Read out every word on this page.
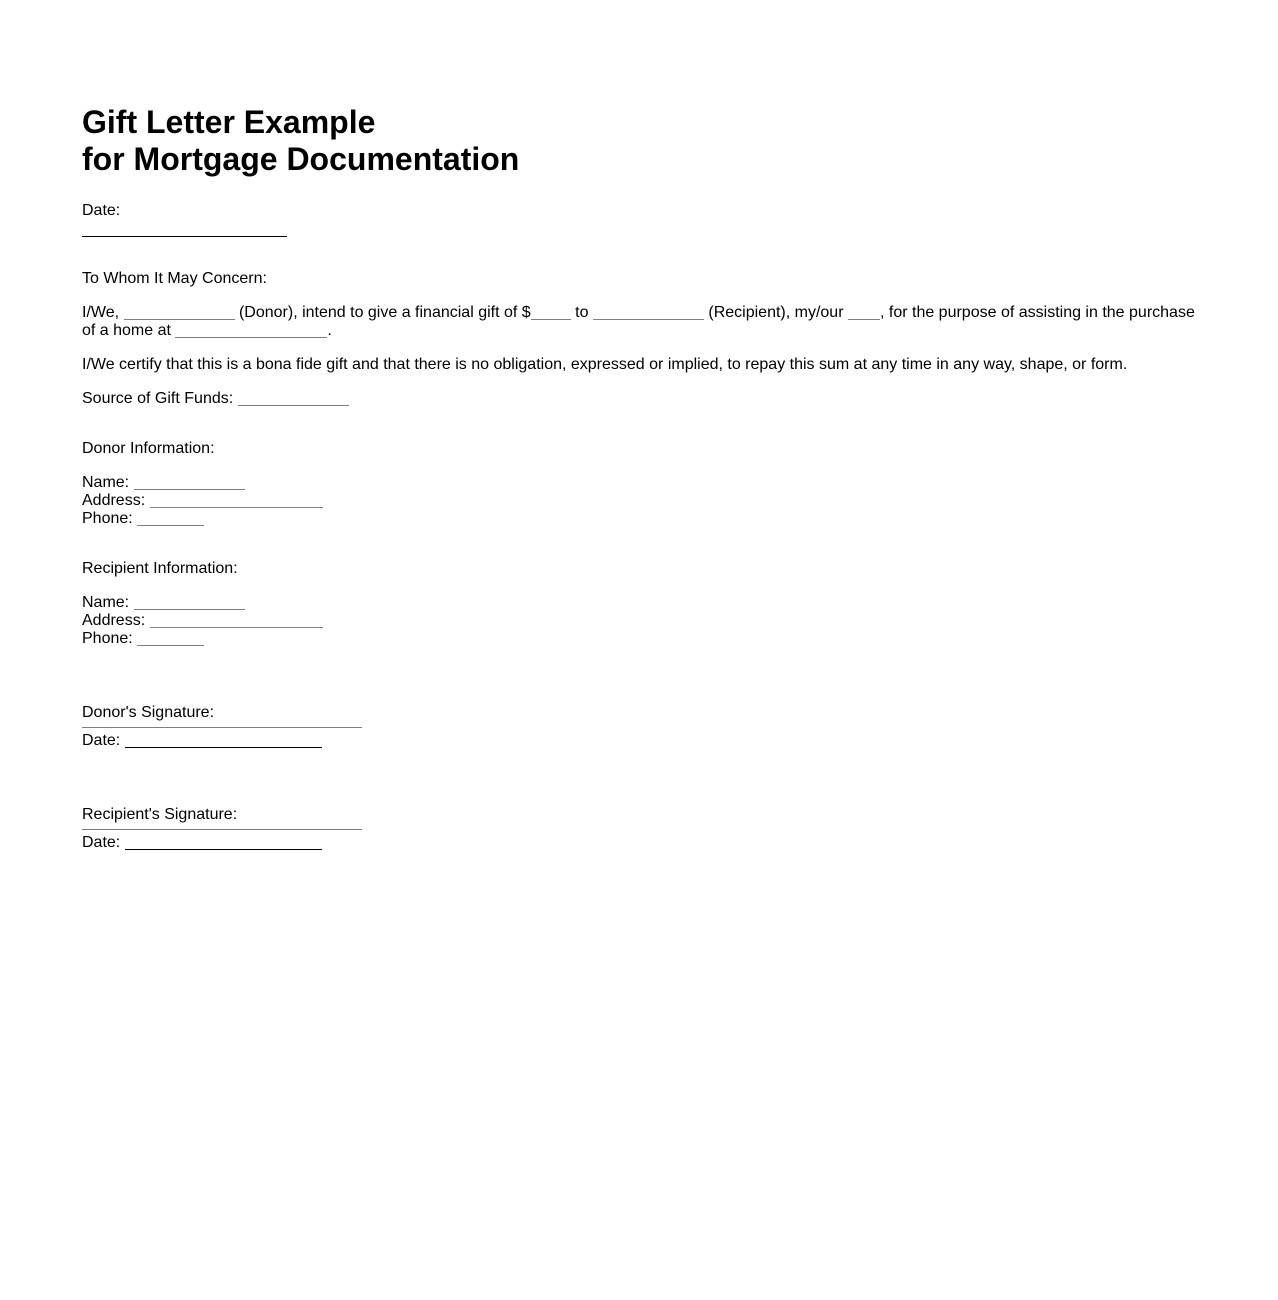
Gift Letter Example
for Mortgage Documentation

Date:

To Whom It May Concern:

I/We,	(Donor), intend to give a financial gift of $	to	(Recipient), my/our , for the purpose of assisting in the purchase of a home at	.

I/We certify that this is a bona fide gift and that there is no obligation, expressed or implied, to repay this sum at any time in any way, shape, or form.

Source of Gift Funds:

Donor Information:

Name:
Address:
Phone:

Recipient Information:

Name:
Address:
Phone:

Donor's Signature:

Date:

Recipient's Signature:

Date:
